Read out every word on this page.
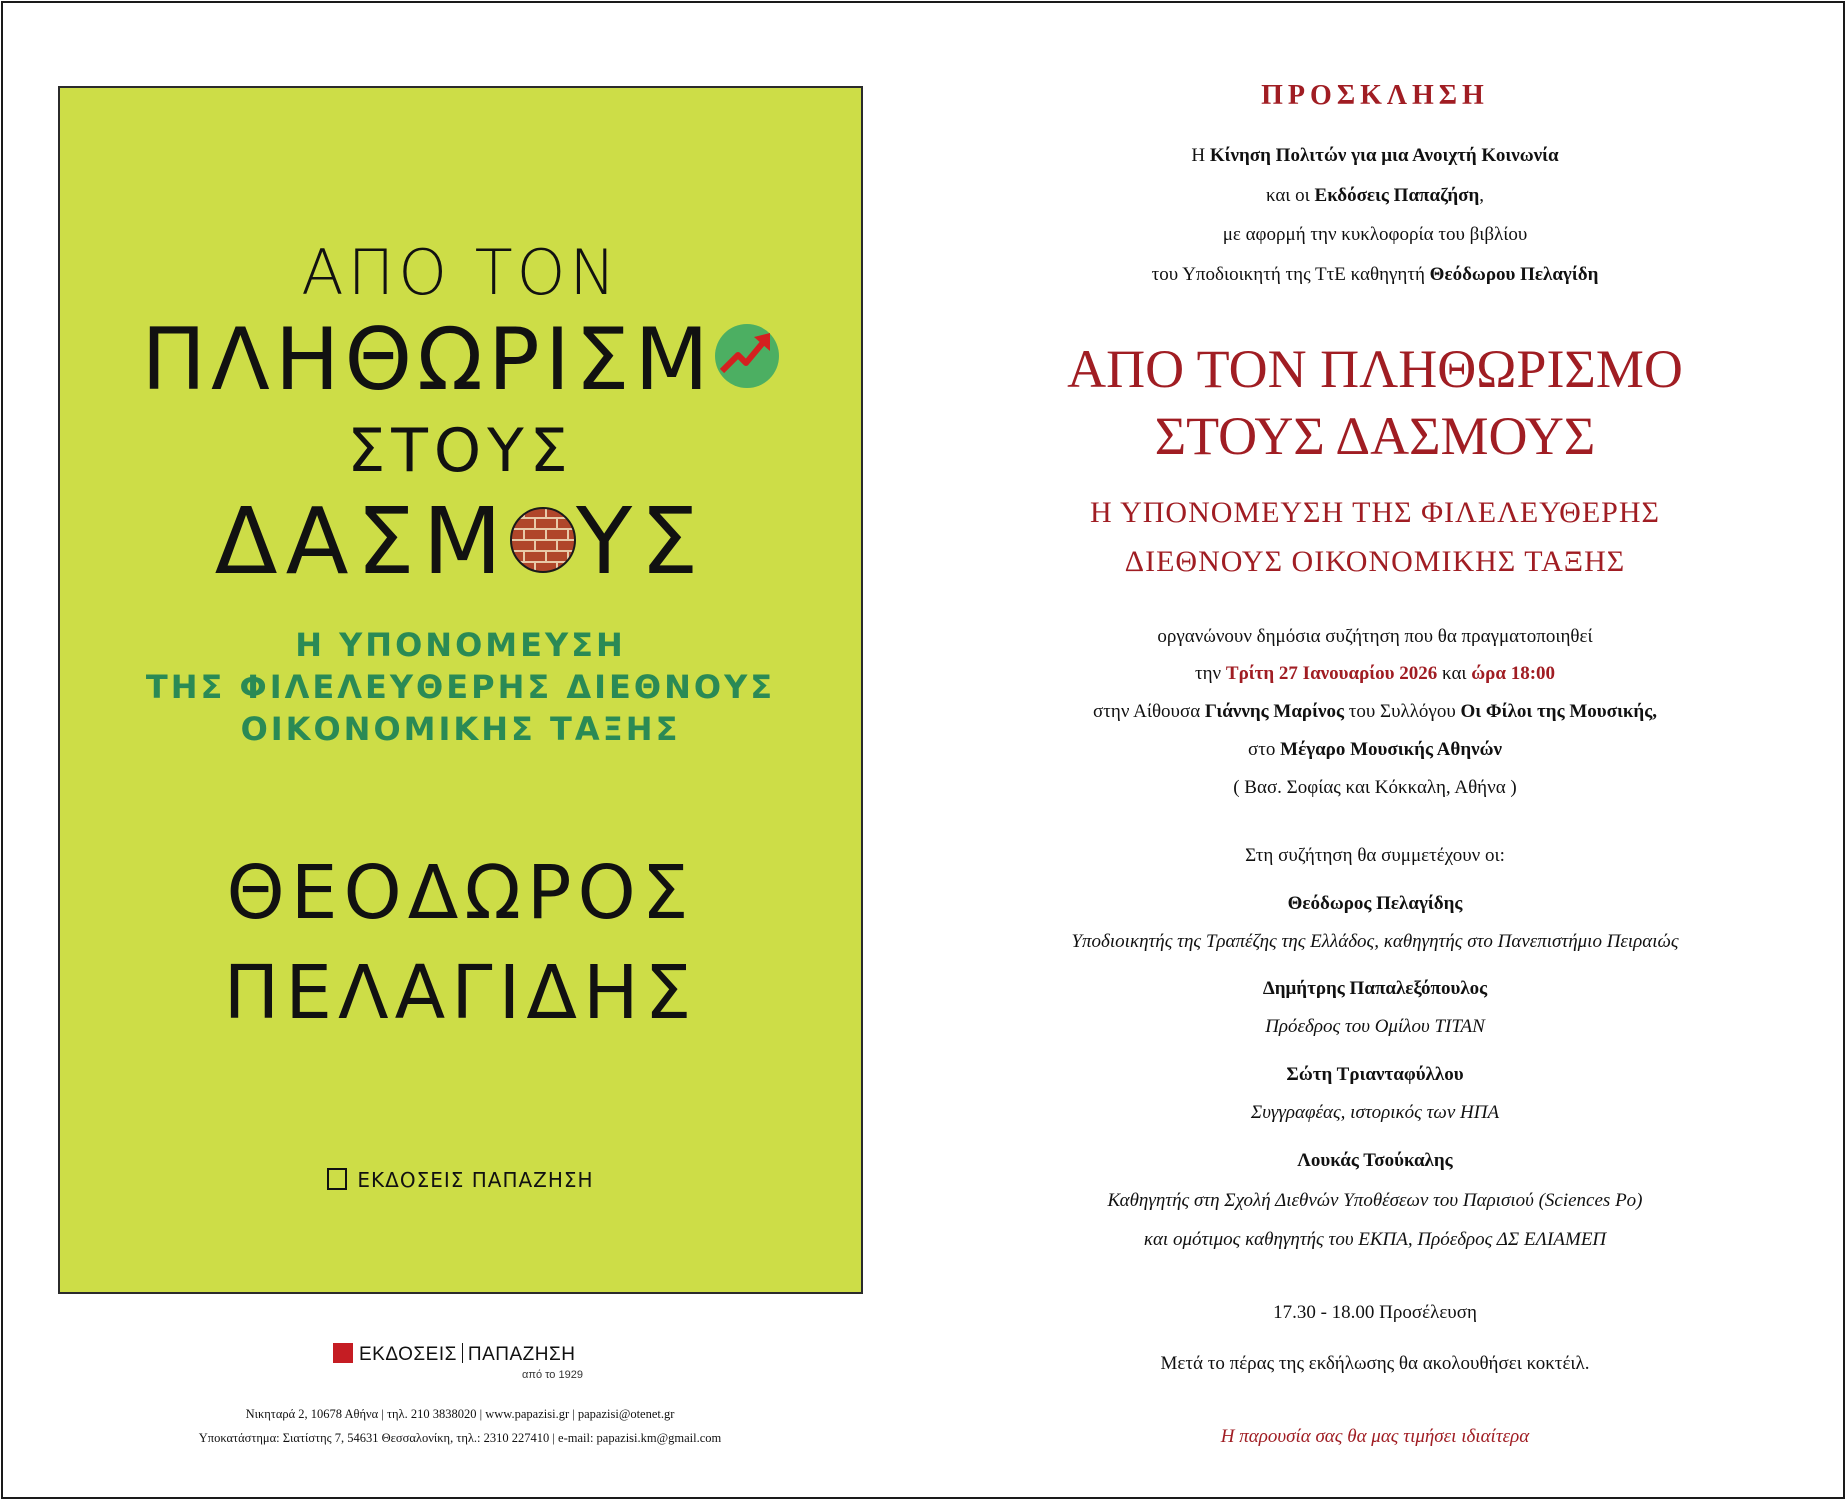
ΑΠΟ ΤΟΝ
ΠΛΗΘΩΡΙΣΜ
ΣΤΟΥΣ
ΔΑΣΜ ΥΣ
Η ΥΠΟΝΟΜΕΥΣΗ
ΤΗΣ ΦΙΛΕΛΕΥΘΕΡΗΣ ΔΙΕΘΝΟΥΣ
ΟΙΚΟΝΟΜΙΚΗΣ ΤΑΞΗΣ
ΘΕΟΔΩΡΟΣ
ΠΕΛΑΓΙΔΗΣ
ΕΚΔΟΣΕΙΣ ΠΑΠΑΖΗΣΗ
ΕΚΔΟΣΕΙΣ ΠΑΠΑΖΗΣΗ
από το 1929
Νικηταρά 2, 10678 Αθήνα | τηλ. 210 3838020 | www.papazisi.gr | papazisi@otenet.gr
Υποκατάστημα: Σιατίστης 7, 54631 Θεσσαλονίκη, τηλ.: 2310 227410 | e-mail: papazisi.km@gmail.com
ΠΡΟΣΚΛΗΣΗ
Η Κίνηση Πολιτών για μια Ανοιχτή Κοινωνία
και οι Εκδόσεις Παπαζήση,
με αφορμή την κυκλοφορία του βιβλίου
του Υποδιοικητή της ΤτΕ καθηγητή Θεόδωρου Πελαγίδη
ΑΠΟ ΤΟΝ ΠΛΗΘΩΡΙΣΜΟ
ΣΤΟΥΣ ΔΑΣΜΟΥΣ
Η ΥΠΟΝΟΜΕΥΣΗ ΤΗΣ ΦΙΛΕΛΕΥΘΕΡΗΣ
ΔΙΕΘΝΟΥΣ ΟΙΚΟΝΟΜΙΚΗΣ ΤΑΞΗΣ
οργανώνουν δημόσια συζήτηση που θα πραγματοποιηθεί
την Τρίτη 27 Ιανουαρίου 2026 και ώρα 18:00
στην Αίθουσα Γιάννης Μαρίνος του Συλλόγου Οι Φίλοι της Μουσικής,
στο Μέγαρο Μουσικής Αθηνών
( Βασ. Σοφίας και Κόκκαλη, Αθήνα )
Στη συζήτηση θα συμμετέχουν οι:
Θεόδωρος Πελαγίδης
Υποδιοικητής της Τραπέζης της Ελλάδος, καθηγητής στο Πανεπιστήμιο Πειραιώς
Δημήτρης Παπαλεξόπουλος
Πρόεδρος του Ομίλου ΤΙΤΑΝ
Σώτη Τριανταφύλλου
Συγγραφέας, ιστορικός των ΗΠΑ
Λουκάς Τσούκαλης
Καθηγητής στη Σχολή Διεθνών Υποθέσεων του Παρισιού (Sciences Po)
και ομότιμος καθηγητής του ΕΚΠΑ, Πρόεδρος ΔΣ ΕΛΙΑΜΕΠ
17.30 - 18.00 Προσέλευση
Μετά το πέρας της εκδήλωσης θα ακολουθήσει κοκτέιλ.
Η παρουσία σας θα μας τιμήσει ιδιαίτερα
